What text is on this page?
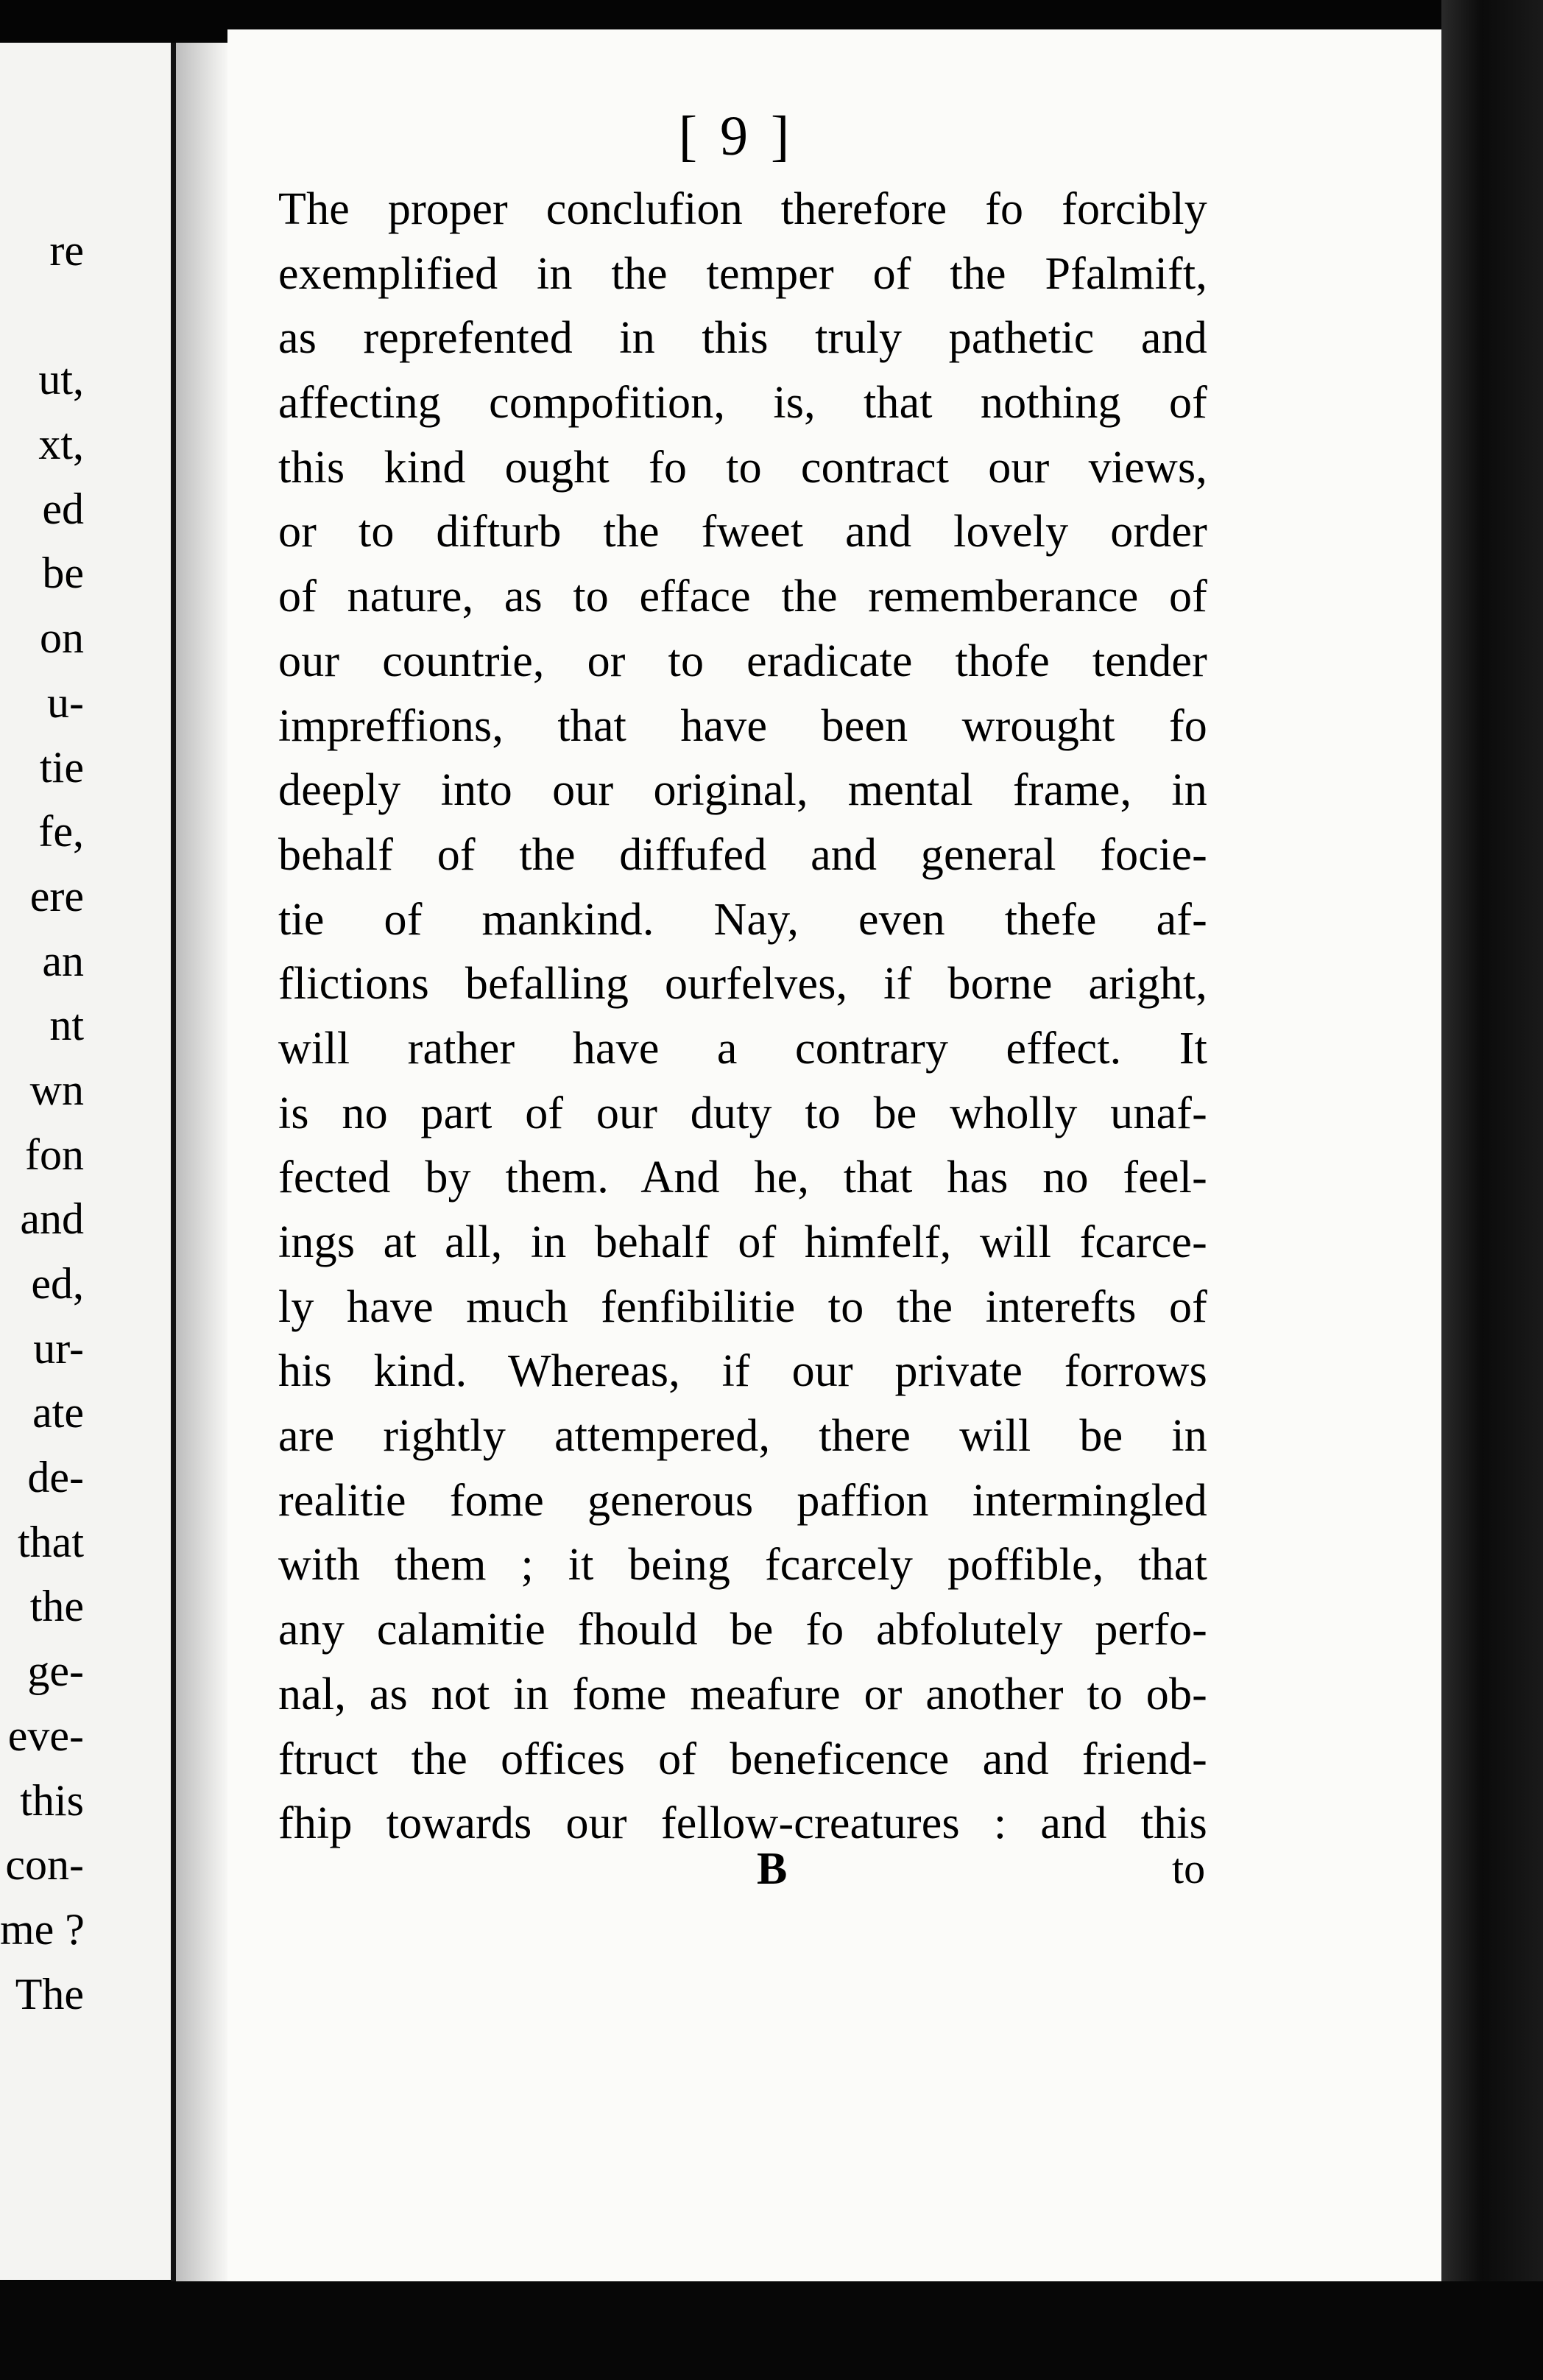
re
ut,
xt,
ed
be
on
u-
tie
fe,
ere
an
nt
wn
fon
and
ed,
ur-
ate
de-
that
the
ge-
eve-
this
con-
me ?
The
[ 9 ]
The proper conclufion therefore fo forcibly
exemplified in the temper of the Pfalmift,
as reprefented in this truly pathetic and
affecting compofition, is, that nothing of
this kind ought fo to contract our views,
or to difturb the fweet and lovely order
of nature, as to efface the rememberance of
our countrie, or to eradicate thofe tender
impreffions, that have been wrought fo
deeply into our original, mental frame, in
behalf of the diffufed and general focie-
tie of mankind. Nay, even thefe af-
flictions befalling ourfelves, if borne aright,
will rather have a contrary effect. It
is no part of our duty to be wholly unaf-
fected by them. And he, that has no feel-
ings at all, in behalf of himfelf, will fcarce-
ly have much fenfibilitie to the interefts of
his kind. Whereas, if our private forrows
are rightly attempered, there will be in
realitie fome generous paffion intermingled
with them ; it being fcarcely poffible, that
any calamitie fhould be fo abfolutely perfo-
nal, as not in fome meafure or another to ob-
ftruct the offices of beneficence and friend-
fhip towards our fellow-creatures : and this
B	to
